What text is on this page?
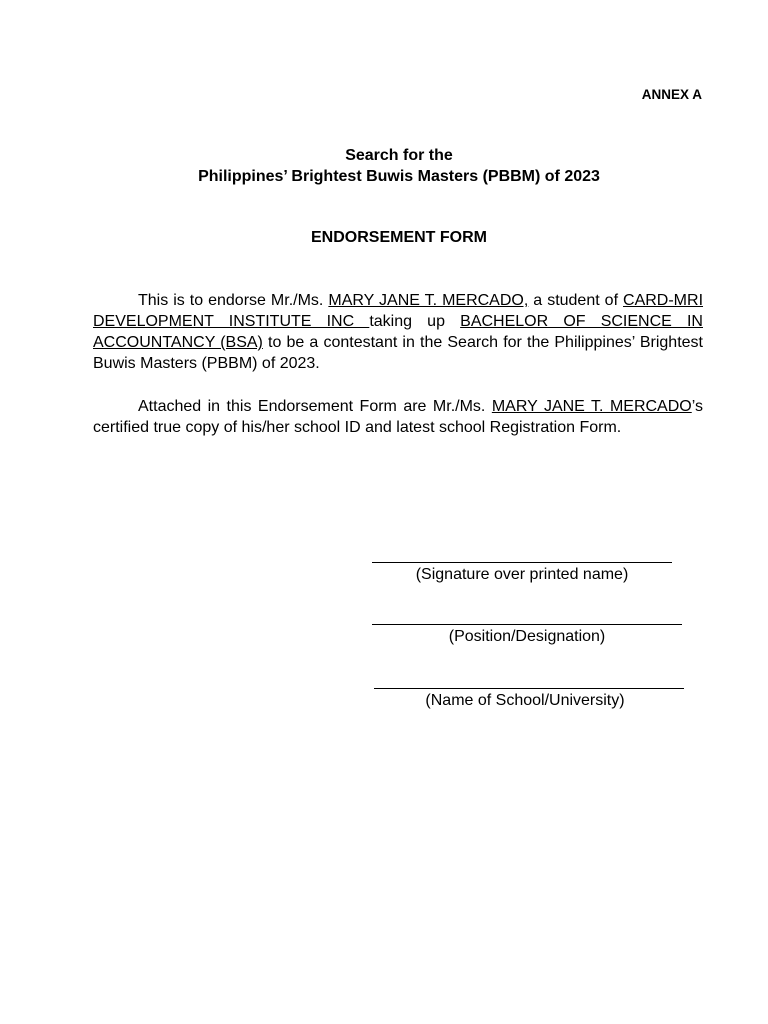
ANNEX A
Search for the
Philippines’ Brightest Buwis Masters (PBBM) of 2023
ENDORSEMENT FORM
This is to endorse Mr./Ms. MARY JANE T. MERCADO, a student of CARD-MRI DEVELOPMENT INSTITUTE INC taking up BACHELOR OF SCIENCE IN ACCOUNTANCY (BSA) to be a contestant in the Search for the Philippines’ Brightest Buwis Masters (PBBM) of 2023.
Attached in this Endorsement Form are Mr./Ms. MARY JANE T. MERCADO’s certified true copy of his/her school ID and latest school Registration Form.
(Signature over printed name)
(Position/Designation)
(Name of School/University)
